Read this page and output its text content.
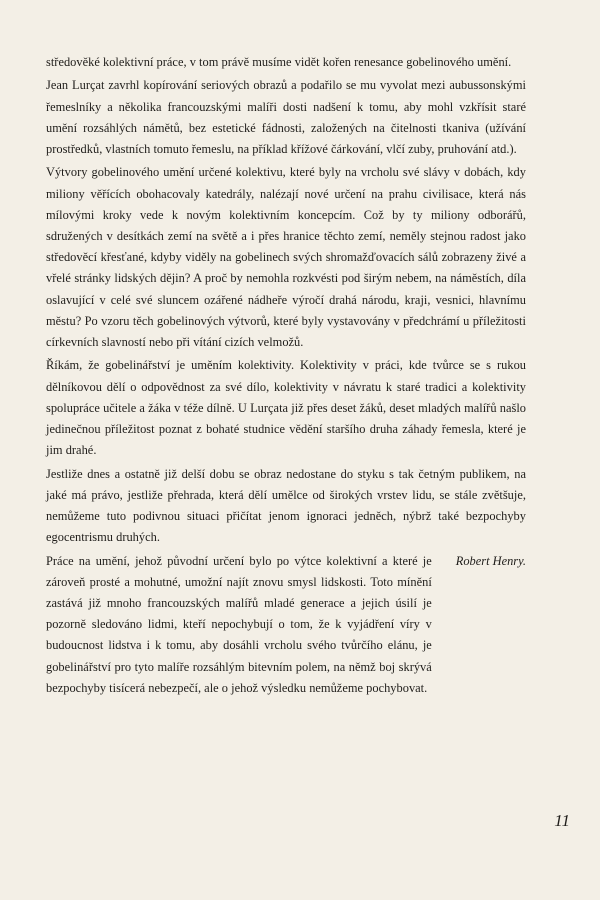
středověké kolektivní práce, v tom právě musíme vidět kořen renesance gobelinového umění.

Jean Lurçat zavrhl kopírování seriových obrazů a podařilo se mu vyvolat mezi aubussonskými řemeslníky a několika francouzskými malíři dosti nadšení k tomu, aby mohl vzkřísit staré umění rozsáhlých námětů, bez estetické fádnosti, založených na čitelnosti tkaniva (užívání prostředků, vlastních tomuto řemeslu, na příklad křížové čárkování, vlčí zuby, pruhování atd.).

Výtvory gobelinového umění určené kolektivu, které byly na vrcholu své slávy v dobách, kdy miliony věřících obohacovaly katedrály, nalézají nové určení na prahu civilisace, která nás mílovými kroky vede k novým kolektivním koncepcím. Což by ty miliony odborářů, sdružených v desítkách zemí na světě a i přes hranice těchto zemí, neměly stejnou radost jako středověcí křesťané, kdyby viděly na gobelinech svých shromažďovacích sálů zobrazeny živé a vřelé stránky lidských dějin? A proč by nemohla rozkvésti pod širým nebem, na náměstích, díla oslavující v celé své sluncem ozářené nádheře výročí drahá národu, kraji, vesnici, hlavnímu městu? Po vzoru těch gobelinových výtvorů, které byly vystavovány v předchrámí u příležitosti církevních slavností nebo při vítání cizích velmožů.

Říkám, že gobelinářství je uměním kolektivity. Kolektivity v práci, kde tvůrce se s rukou dělníkovou dělí o odpovědnost za své dílo, kolektivity v návratu k staré tradici a kolektivity spolupráce učitele a žáka v téže dílně. U Lurçata již přes deset žáků, deset mladých malířů našlo jedinečnou příležitost poznat z bohaté studnice vědění staršího druha záhady řemesla, které je jim drahé.

Jestliže dnes a ostatně již delší dobu se obraz nedostane do styku s tak četným publikem, na jaké má právo, jestliže přehrada, která dělí umělce od širokých vrstev lidu, se stále zvětšuje, nemůžeme tuto podivnou situaci přičítat jenom ignoraci jedněch, nýbrž také bezpochyby egocentrismu druhých.

Práce na umění, jehož původní určení bylo po výtce kolektivní a které je zároveň prosté a mohutné, umožní najít znovu smysl lidskosti. Toto mínění zastává již mnoho francouzských malířů mladé generace a jejich úsilí je pozorně sledováno lidmi, kteří nepochybují o tom, že k vyjádření víry v budoucnost lidstva i k tomu, aby dosáhli vrcholu svého tvůrčího elánu, je gobelinářství pro tyto malíře rozsáhlým bitevním polem, na němž boj skrývá bezpochyby tisícerá nebezpečí, ale o jehož výsledku nemůžeme pochybovat.

Robert Henry.
11
